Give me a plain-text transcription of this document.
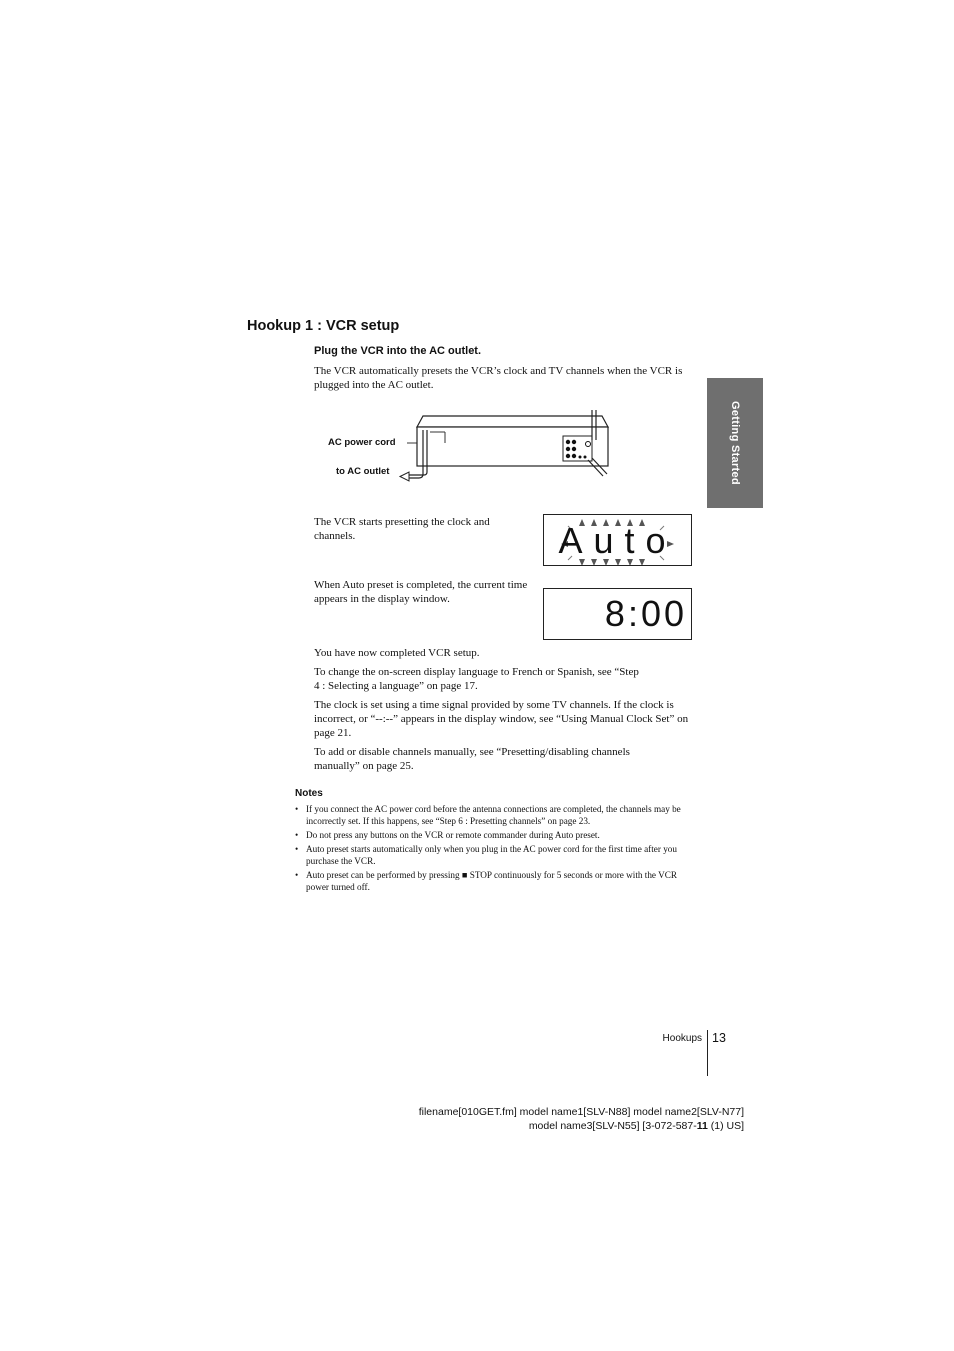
Hookup 1 : VCR setup
Plug the VCR into the AC outlet.
The VCR automatically presets the VCR’s clock and TV channels when the VCR is plugged into the AC outlet.
Getting Started
AC power cord
to AC outlet
The VCR starts presetting the clock and channels.	Auto
When Auto preset is completed, the current time appears in the display window.	8:00
You have now completed VCR setup.
To change the on-screen display language to French or Spanish, see “Step 4 : Selecting a language” on page 17.
The clock is set using a time signal provided by some TV channels. If the clock is incorrect, or “--:--” appears in the display window, see “Using Manual Clock Set” on page 21.
To add or disable channels manually, see “Presetting/disabling channels manually” on page 25.
Notes
• If you connect the AC power cord before the antenna connections are completed, the channels may be incorrectly set. If this happens, see “Step 6 : Presetting channels” on page 23.
• Do not press any buttons on the VCR or remote commander during Auto preset.
• Auto preset starts automatically only when you plug in the AC power cord for the first time after you purchase the VCR.
• Auto preset can be performed by pressing ■ STOP continuously for 5 seconds or more with the VCR power turned off.
Hookups 13
filename[010GET.fm] model name1[SLV-N88] model name2[SLV-N77]
model name3[SLV-N55] [3-072-587-11 (1) US]
